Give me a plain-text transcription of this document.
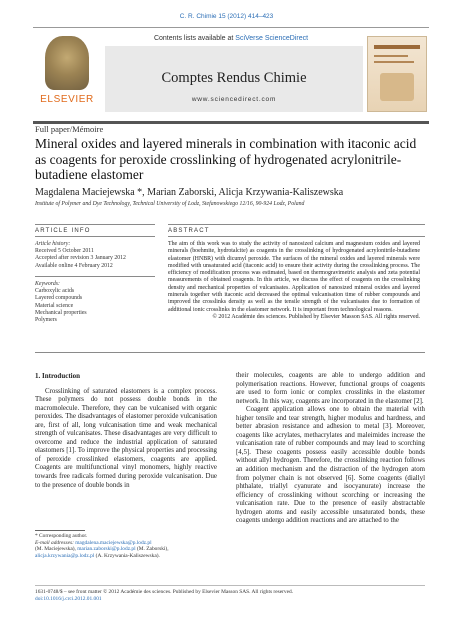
C. R. Chimie 15 (2012) 414–423
ELSEVIER
Contents lists available at SciVerse ScienceDirect
Comptes Rendus Chimie
www.sciencedirect.com
Full paper/Mémoire
Mineral oxides and layered minerals in combination with itaconic acid as coagents for peroxide crosslinking of hydrogenated acrylonitrile-butadiene elastomer
Magdalena Maciejewska *, Marian Zaborski, Alicja Krzywania-Kaliszewska
Institute of Polymer and Dye Technology, Technical University of Lodz, Stefanowskiego 12/16, 90-924 Lodz, Poland
ARTICLE INFO	ABSTRACT
Article history:
Received 5 October 2011
Accepted after revision 3 January 2012
Available online 4 February 2012
Keywords:
Carboxylic acids
Layered compounds
Material science
Mechanical properties
Polymers
The aim of this work was to study the activity of nanosized calcium and magnesium oxides and layered minerals (boehmite, hydrotalcite) as coagents in the crosslinking of hydrogenated acrylonitrile-butadiene elastomer (HNBR) with dicumyl peroxide. The surfaces of the mineral oxides and layered minerals were modified with unsaturated acid (itaconic acid) to ensure their activity during the crosslinking process. The efficiency of modification process was estimated, based on thermogravimetric analysis and zeta potential measurements of obtained coagents. In this article, we discuss the effect of coagents on the crosslinking density and mechanical properties of vulcanisates. Application of nanosized mineral oxides and layered minerals together with itaconic acid decreased the optimal vulcanisation time of rubber compounds and improved the crosslinks density as well as the tensile strength of the vulcanisates due to formation of additional ionic crosslinks in the elastomer network. It is important from technological reasons.
© 2012 Académie des sciences. Published by Elsevier Masson SAS. All rights reserved.
1. Introduction

Crosslinking of saturated elastomers is a complex process. These polymers do not possess double bonds in the macromolecule. Therefore, they can be vulcanised with organic peroxides. The disadvantages of elastomer peroxide vulcanisation are, first of all, long vulcanisation time and weak mechanical strength of vulcanisates. These disadvantages are very difficult to overcome and reduce the industrial application of saturated elastomers [1]. To improve the physical properties and processing of peroxide crosslinked elastomers, coagents are applied. Coagents are multifunctional vinyl monomers, highly reactive towards free radicals formed during peroxide vulcanisation. Due to the presence of double bonds in

their molecules, coagents are able to undergo addition and polymerisation reactions. However, functional groups of coagents are used to form ionic or complex crosslinks in the elastomer network. In this way, coagents are incorporated in the elastomer [2].

Coagent application allows one to obtain the material with higher tensile and tear strength, higher modulus and hardness, and better abrasion resistance and adhesion to metal [3]. Moreover, coagents like acrylates, methacrylates and maleimides increase the vulcanisation rate of rubber compounds and may lead to scorching [4,5]. These coagents possess easily accessible double bonds without allyl hydrogen. Therefore, the crosslinking reaction follows an addition mechanism and the distraction of the hydrogen atom from polymer chain is not observed [6]. Some coagents (diallyl phthalate, triallyl cyanurate and isocyanurate) increase the efficiency of crosslinking without scorching or increasing the vulcanisation rate. Due to the presence of easily abstractable hydrogen atoms and easily accessible unsaturated bonds, these coagents undergo addition reactions and are attached to the

* Corresponding author.
E-mail addresses: magdalena.maciejewska@p.lodz.pl
(M. Maciejewska), marian.zaborski@p.lodz.pl (M. Zaborski),
alicja.krzywania@p.lodz.pl (A. Krzywania-Kaliszewska).
1631-0748/$ – see front matter © 2012 Académie des sciences. Published by Elsevier Masson SAS. All rights reserved.
doi:10.1016/j.crci.2012.01.001
